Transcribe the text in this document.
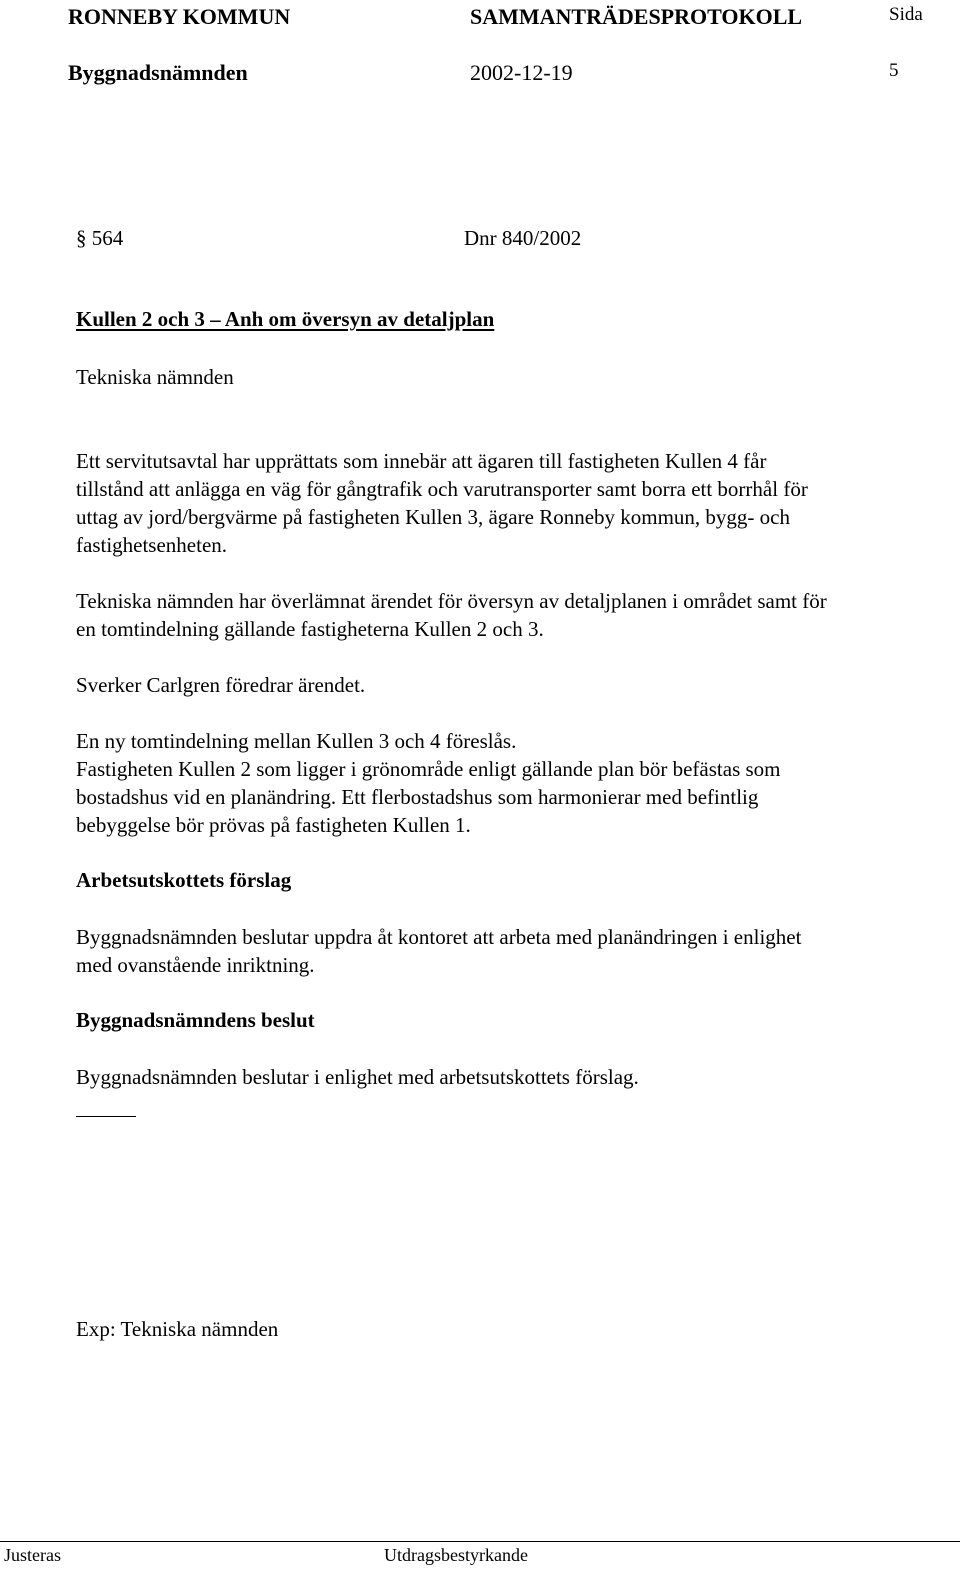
RONNEBY KOMMUN	SAMMANTRÄDESPROTOKOLL	Sida
Byggnadsnämnden	2002-12-19	5
§ 564	Dnr 840/2002
Kullen 2 och 3 – Anh om översyn av detaljplan
Tekniska nämnden
Ett servitutsavtal har upprättats som innebär att ägaren till fastigheten Kullen 4 får
tillstånd att anlägga en väg för gångtrafik och varutransporter samt borra ett borrhål för
uttag av jord/bergvärme på fastigheten Kullen 3, ägare Ronneby kommun, bygg- och
fastighetsenheten.
Tekniska nämnden har överlämnat ärendet för översyn av detaljplanen i området samt för
en tomtindelning gällande fastigheterna Kullen 2 och 3.
Sverker Carlgren föredrar ärendet.
En ny tomtindelning mellan Kullen 3 och 4 föreslås.
Fastigheten Kullen 2 som ligger i grönområde enligt gällande plan bör befästas som
bostadshus vid en planändring. Ett flerbostadshus som harmonierar med befintlig
bebyggelse bör prövas på fastigheten Kullen 1.
Arbetsutskottets förslag
Byggnadsnämnden beslutar uppdra åt kontoret att arbeta med planändringen i enlighet
med ovanstående inriktning.
Byggnadsnämndens beslut
Byggnadsnämnden beslutar i enlighet med arbetsutskottets förslag.
Exp: Tekniska nämnden
Justeras	Utdragsbestyrkande
